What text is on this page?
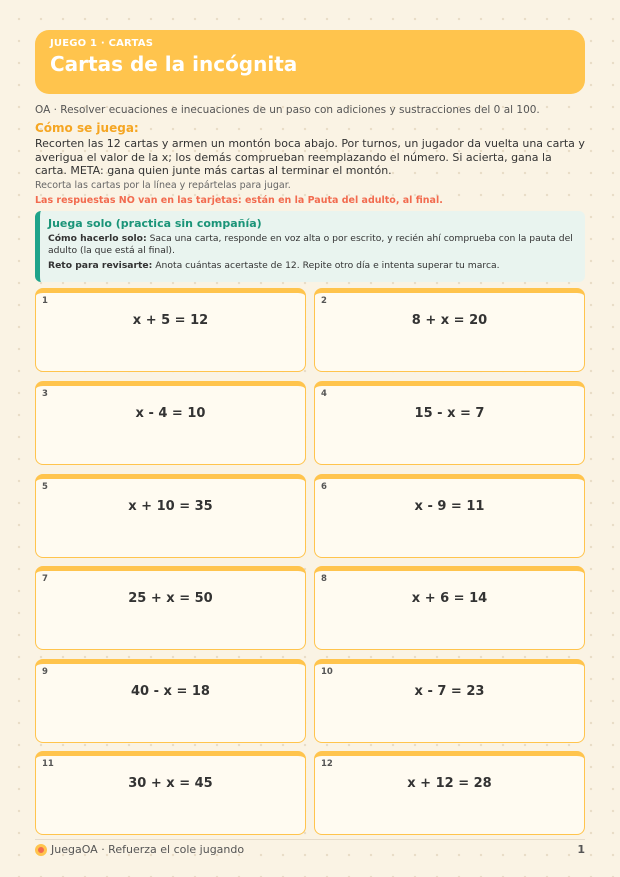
JUEGO 1 · CARTAS
Cartas de la incógnita
OA · Resolver ecuaciones e inecuaciones de un paso con adiciones y sustracciones del 0 al 100.
Cómo se juega:
Recorten las 12 cartas y armen un montón boca abajo. Por turnos, un jugador da vuelta una carta y averigua el valor de la x; los demás comprueban reemplazando el número. Si acierta, gana la carta. META: gana quien junte más cartas al terminar el montón.
Recorta las cartas por la línea y repártelas para jugar.
Las respuestas NO van en las tarjetas: están en la Pauta del adulto, al final.
Juega solo (practica sin compañía)
Cómo hacerlo solo: Saca una carta, responde en voz alta o por escrito, y recién ahí comprueba con la pauta del adulto (la que está al final).
Reto para revisarte: Anota cuántas acertaste de 12. Repite otro día e intenta superar tu marca.
1
x + 5 = 12
2
8 + x = 20
3
x - 4 = 10
4
15 - x = 7
5
x + 10 = 35
6
x - 9 = 11
7
25 + x = 50
8
x + 6 = 14
9
40 - x = 18
10
x - 7 = 23
11
30 + x = 45
12
x + 12 = 28
JuegaOA · Refuerza el cole jugando	1
